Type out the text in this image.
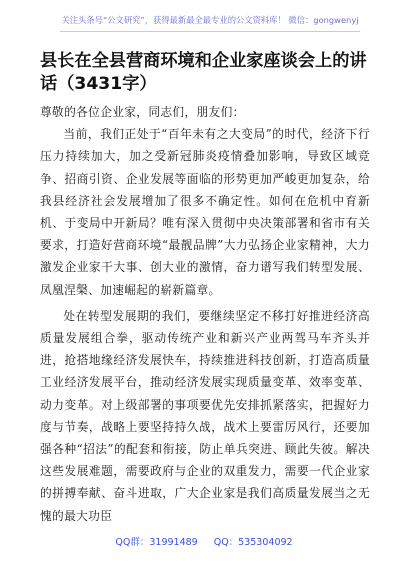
关注头条号“公文研究”，获得最新最全最专业的公文资料库！ 微信：gongwenyj
县长在全县营商环境和企业家座谈会上的讲话（3431字）
尊敬的各位企业家，同志们，朋友们：

当前，我们正处于“百年未有之大变局”的时代，经济下行压力持续加大，加之受新冠肺炎疫情叠加影响，导致区域竞争、招商引资、企业发展等面临的形势更加严峻更加复杂，给我县经济社会发展增加了很多不确定性。如何在危机中育新机、于变局中开新局？唯有深入贯彻中央决策部署和省市有关要求，打造好营商环境“最靓品牌”大力弘扬企业家精神，大力激发企业家干大事、创大业的激情，奋力谱写我们转型发展、凤凰涅槃、加速崛起的崭新篇章。

处在转型发展期的我们，要继续坚定不移打好推进经济高质量发展组合拳，驱动传统产业和新兴产业两驾马车齐头并进，抢搭地缘经济发展快车，持续推进科技创新，打造高质量工业经济发展平台，推动经济发展实现质量变革、效率变革、动力变革。对上级部署的事项要优先安排抓紧落实，把握好力度与节奏，战略上要坚持持久战，战术上要雷厉风行，还要加强各种“招法”的配套和衔接，防止单兵突进、顾此失彼。解决这些发展难题，需要政府与企业的双重发力，需要一代企业家的拼搏奉献、奋斗进取，广大企业家是我们高质量发展当之无愧的最大功臣

QQ群：31991489 QQ：535304092
